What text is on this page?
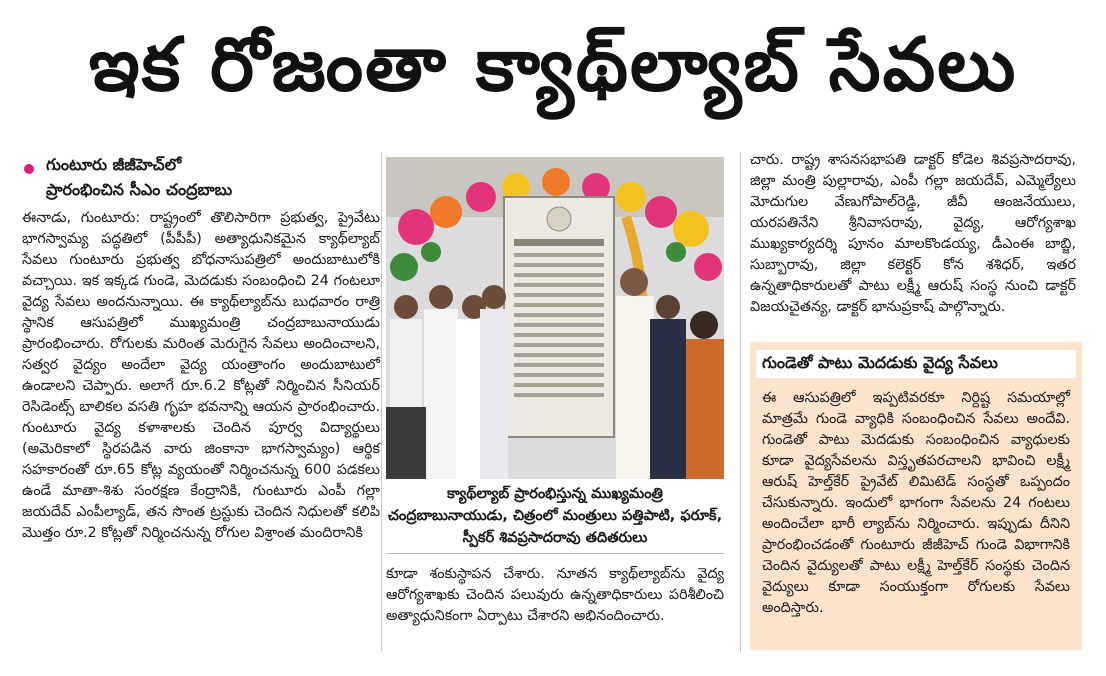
ఇక రోజంతా క్యాథ్‌ల్యాబ్ సేవలు
గుంటూరు జీజీహెచ్‌లో
ప్రారంభించిన సీఎం చంద్రబాబు
ఈనాడు, గుంటూరు: రాష్ట్రంలో తొలిసారిగా ప్రభుత్వ, ప్రైవేటు భాగస్వామ్య పద్ధతిలో (పీపీపీ) అత్యాధునికమైన క్యాథ్‌ల్యాబ్ సేవలు గుంటూరు ప్రభుత్వ బోధనాసుపత్రిలో అందుబాటులోకి వచ్చాయి. ఇక ఇక్కడ గుండె, మెదడుకు సంబంధించి 24 గంటలూ వైద్య సేవలు అందనున్నాయి. ఈ క్యాథ్‌ల్యాబ్‌ను బుధవారం రాత్రి స్థానిక ఆసుపత్రిలో ముఖ్యమంత్రి చంద్రబాబునాయుడు ప్రారంభించారు. రోగులకు మరింత మెరుగైన సేవలు అందించాలని, సత్వర వైద్యం అందేలా వైద్య యంత్రాంగం అందుబాటులో ఉండాలని చెప్పారు. అలాగే రూ.6.2 కోట్లతో నిర్మించిన సీనియర్ రెసిడెంట్స్ బాలికల వసతి గృహ భవనాన్ని ఆయన ప్రారంభించారు. గుంటూరు వైద్య కళాశాలకు చెందిన పూర్వ విద్యార్థులు (అమెరికాలో స్థిరపడిన వారు జింకానా భాగస్వామ్యం) ఆర్థిక సహకారంతో రూ.65 కోట్ల వ్యయంతో నిర్మించనున్న 600 పడకలు ఉండే మాతా-శిశు సంరక్షణ కేంద్రానికి, గుంటూరు ఎంపీ గల్లా జయదేవ్ ఎంపీల్యాడ్, తన సొంత ట్రస్టుకు చెందిన నిధులతో కలిపి మొత్తం రూ.2 కోట్లతో నిర్మించనున్న రోగుల విశ్రాంత మందిరానికి
క్యాథ్‌ల్యాబ్ ప్రారంభిస్తున్న ముఖ్యమంత్రి చంద్రబాబునాయుడు, చిత్రంలో మంత్రులు పత్తిపాటి, ఫరూక్, స్పీకర్ శివప్రసాదరావు తదితరులు
కూడా శంకుస్థాపన చేశారు. నూతన క్యాథ్‌ల్యాబ్‌ను వైద్య ఆరోగ్యశాఖకు చెందిన పలువురు ఉన్నతాధికారులు పరిశీలించి అత్యాధునికంగా ఏర్పాటు చేశారని అభినందించారు.
చారు. రాష్ట్ర శాసనసభాపతి డాక్టర్ కోడెల శివప్రసాదరావు, జిల్లా మంత్రి పుల్లారావు, ఎంపీ గల్లా జయదేవ్, ఎమ్మెల్యేలు మోదుగుల వేణుగోపాల్‌రెడ్డి, జీవీ ఆంజనేయులు, యరపతినేని శ్రీనివాసరావు, వైద్య, ఆరోగ్యశాఖ ముఖ్యకార్యదర్శి పూనం మాలకొండయ్య, డీఎంఈ బాబ్జి, సుబ్బారావు, జిల్లా కలెక్టర్ కోన శశిధర్, ఇతర ఉన్నతాధికారులతో పాటు లక్ష్మీ ఆరుష్ సంస్థ నుంచి డాక్టర్ విజయచైతన్య, డాక్టర్ భానుప్రకాష్ పాల్గొన్నారు.
గుండెతో పాటు మెదడుకు వైద్య సేవలు
ఈ ఆసుపత్రిలో ఇప్పటివరకూ నిర్దిష్ట సమయాల్లో మాత్రమే గుండె వ్యాధికి సంబంధించిన సేవలు అందేవి. గుండెతో పాటు మెదడుకు సంబంధించిన వ్యాధులకు కూడా వైద్యసేవలను విస్తృతపరచాలని భావించి లక్ష్మీ ఆరుష్ హెల్త్‌కేర్ ప్రైవేట్ లిమిటెడ్ సంస్థతో ఒప్పందం చేసుకున్నారు. ఇందులో భాగంగా సేవలను 24 గంటలు అందించేలా భారీ ల్యాబ్‌ను నిర్మించారు. ఇప్పుడు దీనిని ప్రారంభించడంతో గుంటూరు జీజీహెచ్ గుండె విభాగానికి చెందిన వైద్యులతో పాటు లక్ష్మీ హెల్త్‌కేర్ సంస్థకు చెందిన వైద్యులు కూడా సంయుక్తంగా రోగులకు సేవలు అందిస్తారు.
